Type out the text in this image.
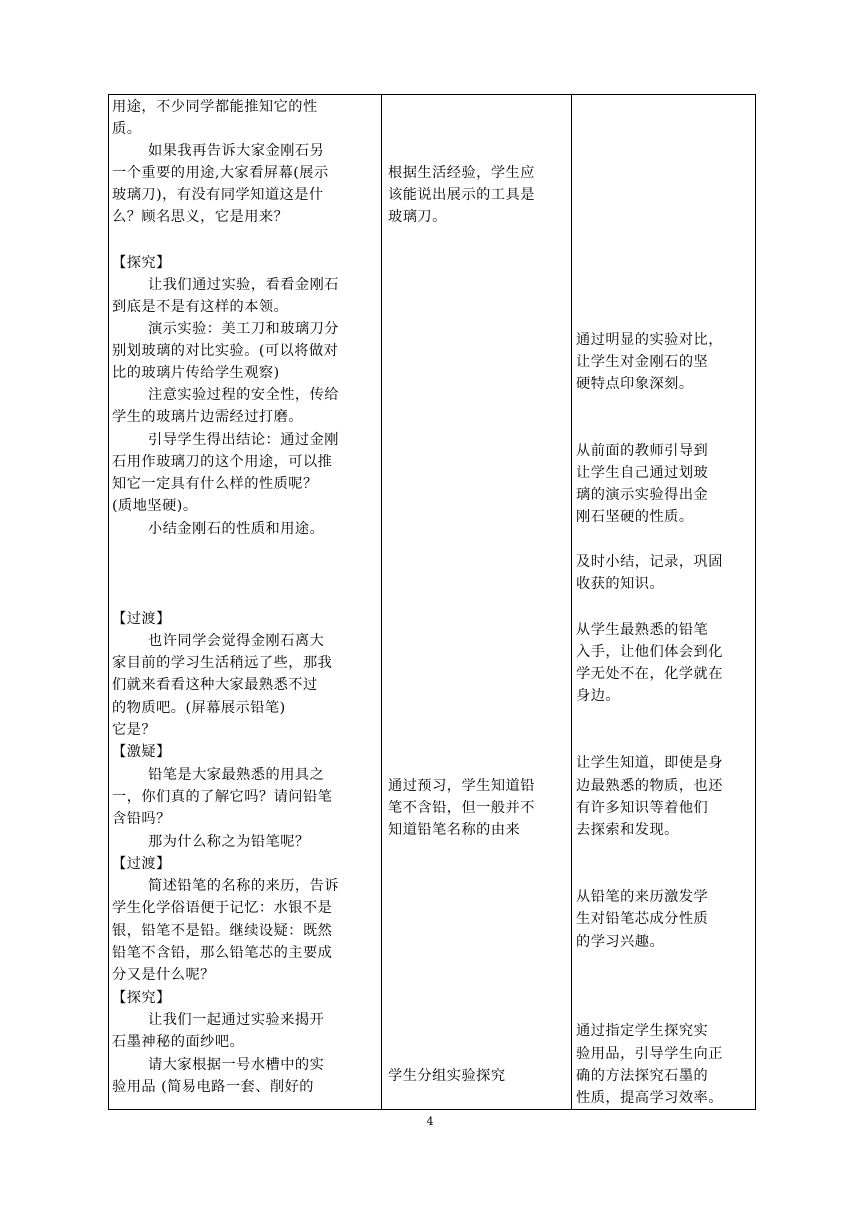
用途，不少同学都能推知它的性
质。
如果我再告诉大家金刚石另
一个重要的用途,大家看屏幕(展示
玻璃刀)，有没有同学知道这是什
么？顾名思义，它是用来？
【探究】
让我们通过实验，看看金刚石
到底是不是有这样的本领。
演示实验：美工刀和玻璃刀分
别划玻璃的对比实验。(可以将做对
比的玻璃片传给学生观察)
注意实验过程的安全性，传给
学生的玻璃片边需经过打磨。
引导学生得出结论：通过金刚
石用作玻璃刀的这个用途，可以推
知它一定具有什么样的性质呢？
(质地坚硬)。
小结金刚石的性质和用途。
【过渡】
也许同学会觉得金刚石离大
家目前的学习生活稍远了些，那我
们就来看看这种大家最熟悉不过
的物质吧。(屏幕展示铅笔)
它是？
【激疑】
铅笔是大家最熟悉的用具之
一，你们真的了解它吗？请问铅笔
含铅吗？
那为什么称之为铅笔呢？
【过渡】
简述铅笔的名称的来历，告诉
学生化学俗语便于记忆：水银不是
银，铅笔不是铅。继续设疑：既然
铅笔不含铅，那么铅笔芯的主要成
分又是什么呢？
【探究】
让我们一起通过实验来揭开
石墨神秘的面纱吧。
请大家根据一号水槽中的实
验用品 (简易电路一套、削好的
根据生活经验，学生应
该能说出展示的工具是
玻璃刀。
通过预习，学生知道铅
笔不含铅，但一般并不
知道铅笔名称的由来
学生分组实验探究
通过明显的实验对比，
让学生对金刚石的坚
硬特点印象深刻。
从前面的教师引导到
让学生自己通过划玻
璃的演示实验得出金
刚石坚硬的性质。
及时小结，记录，巩固
收获的知识。
从学生最熟悉的铅笔
入手，让他们体会到化
学无处不在，化学就在
身边。
让学生知道，即使是身
边最熟悉的物质，也还
有许多知识等着他们
去探索和发现。
从铅笔的来历激发学
生对铅笔芯成分性质
的学习兴趣。
通过指定学生探究实
验用品，引导学生向正
确的方法探究石墨的
性质，提高学习效率。
4
